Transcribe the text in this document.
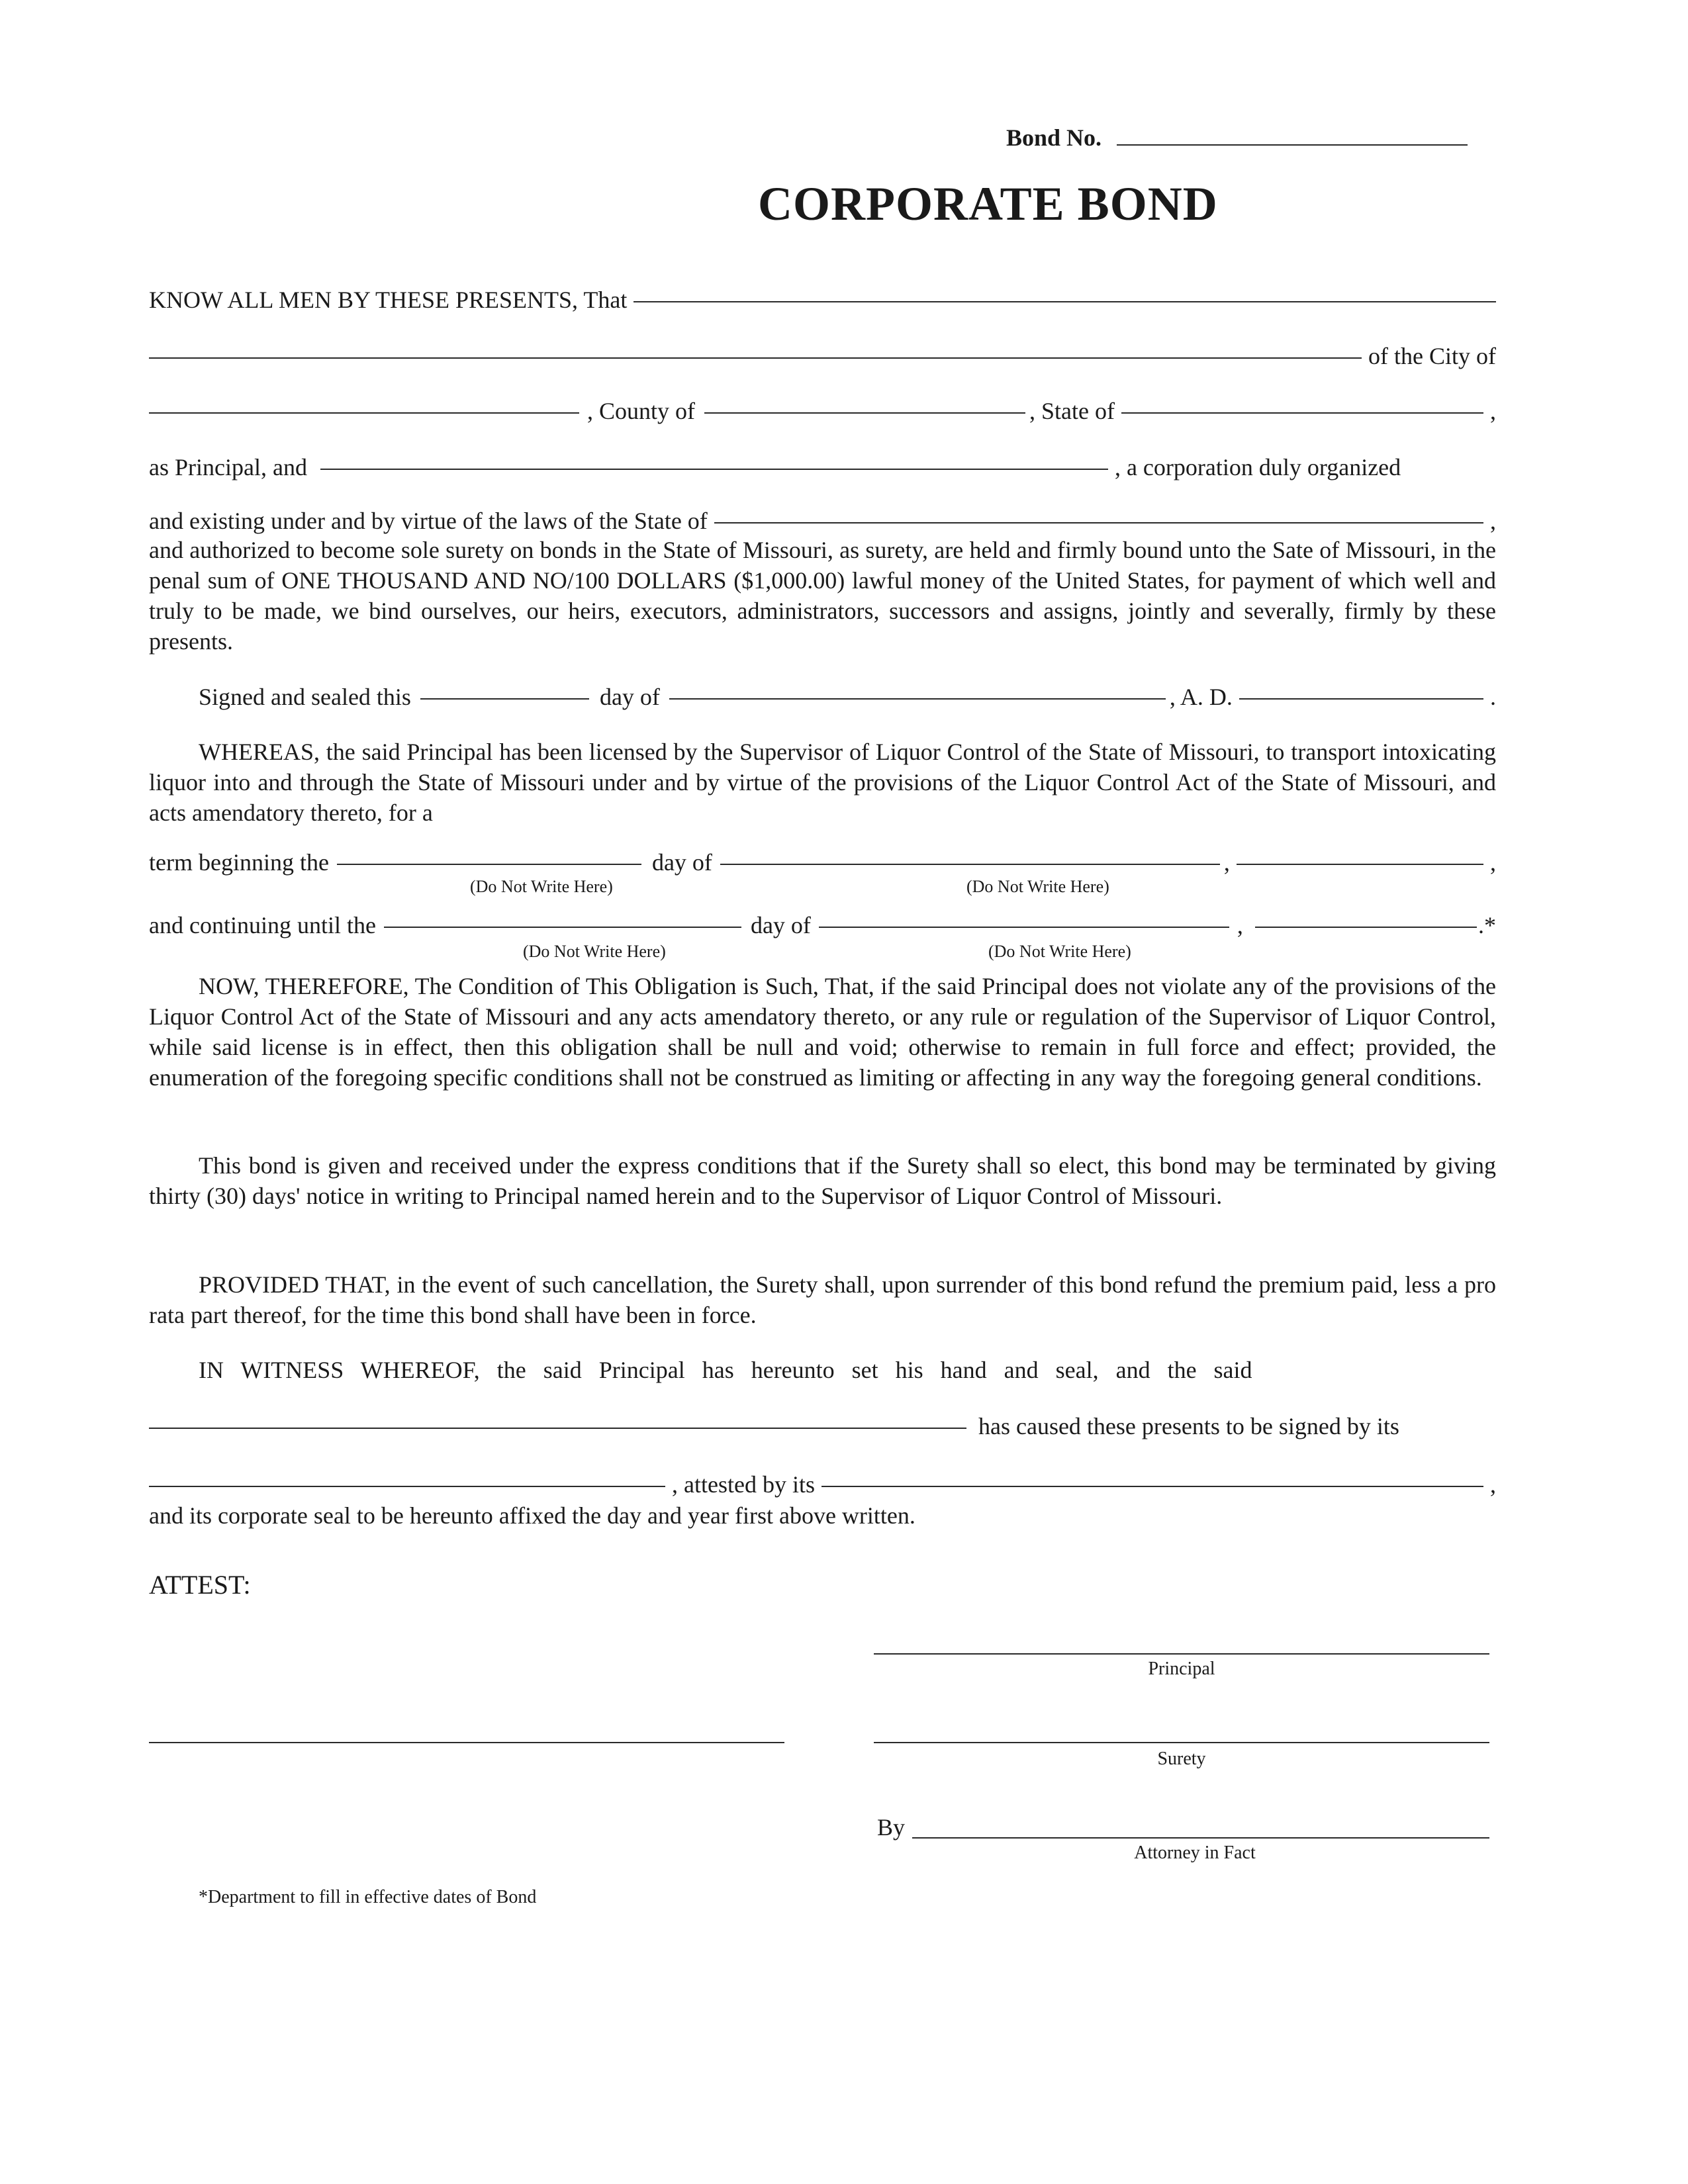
Bond No.
CORPORATE BOND
KNOW ALL MEN BY THESE PRESENTS, That
of the City of
, County of	, State of	,
as Principal, and	, a corporation duly organized
and existing under and by virtue of the laws of the State of	,
and authorized to become sole surety on bonds in the State of Missouri, as surety, are held and firmly bound unto the Sate of Missouri, in the penal sum of ONE THOUSAND AND NO/100 DOLLARS ($1,000.00) lawful money of the United States, for payment of which well and truly to be made, we bind ourselves, our heirs, executors, administrators, successors and assigns, jointly and severally, firmly by these presents.
Signed and sealed this	day of	, A. D.	.
WHEREAS, the said Principal has been licensed by the Supervisor of Liquor Control of the State of Missouri, to transport intoxicating liquor into and through the State of Missouri under and by virtue of the provisions of the Liquor Control Act of the State of Missouri, and acts amendatory thereto, for a
term beginning the	day of	,	,
(Do Not Write Here)	(Do Not Write Here)
and continuing until the	day of	,	.*
(Do Not Write Here)	(Do Not Write Here)
NOW, THEREFORE, The Condition of This Obligation is Such, That, if the said Principal does not violate any of the provisions of the Liquor Control Act of the State of Missouri and any acts amendatory thereto, or any rule or regulation of the Supervisor of Liquor Control, while said license is in effect, then this obligation shall be null and void; otherwise to remain in full force and effect; provided, the enumeration of the foregoing specific conditions shall not be construed as limiting or affecting in any way the foregoing general conditions.
This bond is given and received under the express conditions that if the Surety shall so elect, this bond may be terminated by giving thirty (30) days' notice in writing to Principal named herein and to the Supervisor of Liquor Control of Missouri.
PROVIDED THAT, in the event of such cancellation, the Surety shall, upon surrender of this bond refund the premium paid, less a pro rata part thereof, for the time this bond shall have been in force.
IN WITNESS WHEREOF, the said Principal has hereunto set his hand and seal, and the said
has caused these presents to be signed by its
, attested by its	,
and its corporate seal to be hereunto affixed the day and year first above written.
ATTEST:
Principal
Surety
By
Attorney in Fact
*Department to fill in effective dates of Bond
